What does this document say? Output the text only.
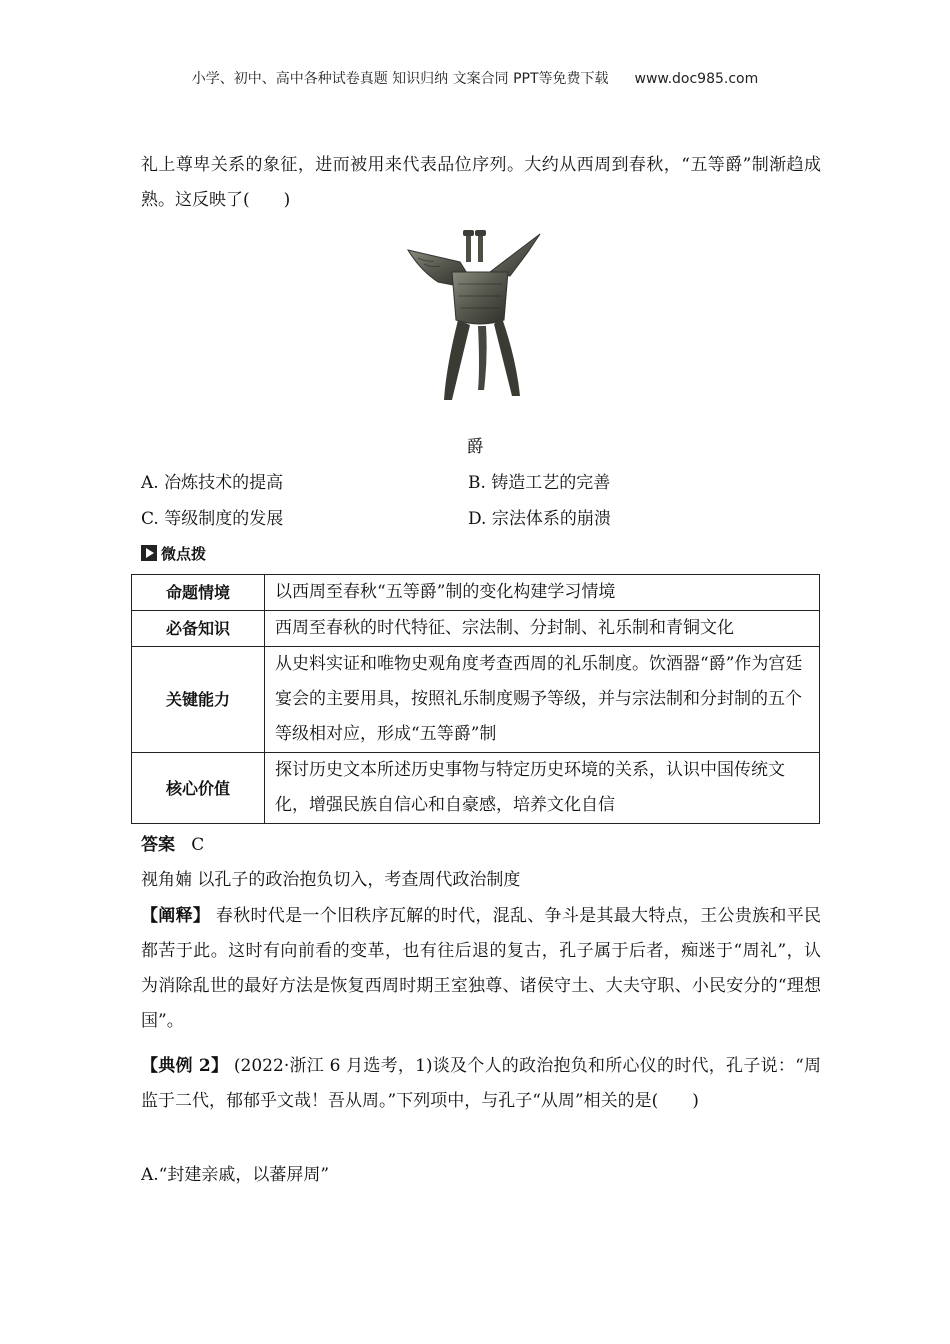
小学、初中、高中各种试卷真题 知识归纳 文案合同 PPT等免费下载 www.doc985.com

礼上尊卑关系的象征，进而被用来代表品位序列。大约从西周到春秋，“五等爵”制渐趋成熟。这反映了(　　)

爵
A. 冶炼技术的提高	B. 铸造工艺的完善
C. 等级制度的发展	D. 宗法体系的崩溃
微点拨
命题情境	以西周至春秋“五等爵”制的变化构建学习情境
必备知识	西周至春秋的时代特征、宗法制、分封制、礼乐制和青铜文化
关键能力	从史料实证和唯物史观角度考查西周的礼乐制度。饮酒器“爵”作为宫廷宴会的主要用具，按照礼乐制度赐予等级，并与宗法制和分封制的五个等级相对应，形成“五等爵”制
核心价值	探讨历史文本所述历史事物与特定历史环境的关系，认识中国传统文化，增强民族自信心和自豪感，培养文化自信
答案 C

视角婻 以孔子的政治抱负切入，考查周代政治制度

【阐释】 春秋时代是一个旧秩序瓦解的时代，混乱、争斗是其最大特点，王公贵族和平民都苦于此。这时有向前看的变革，也有往后退的复古，孔子属于后者，痴迷于“周礼”，认为消除乱世的最好方法是恢复西周时期王室独尊、诸侯守土、大夫守职、小民安分的“理想国”。

【典例 2】 (2022·浙江 6 月选考，1)谈及个人的政治抱负和所心仪的时代，孔子说：“周监于二代，郁郁乎文哉！吾从周。”下列项中，与孔子“从周”相关的是(　　)

A.“封建亲戚，以蕃屏周”
